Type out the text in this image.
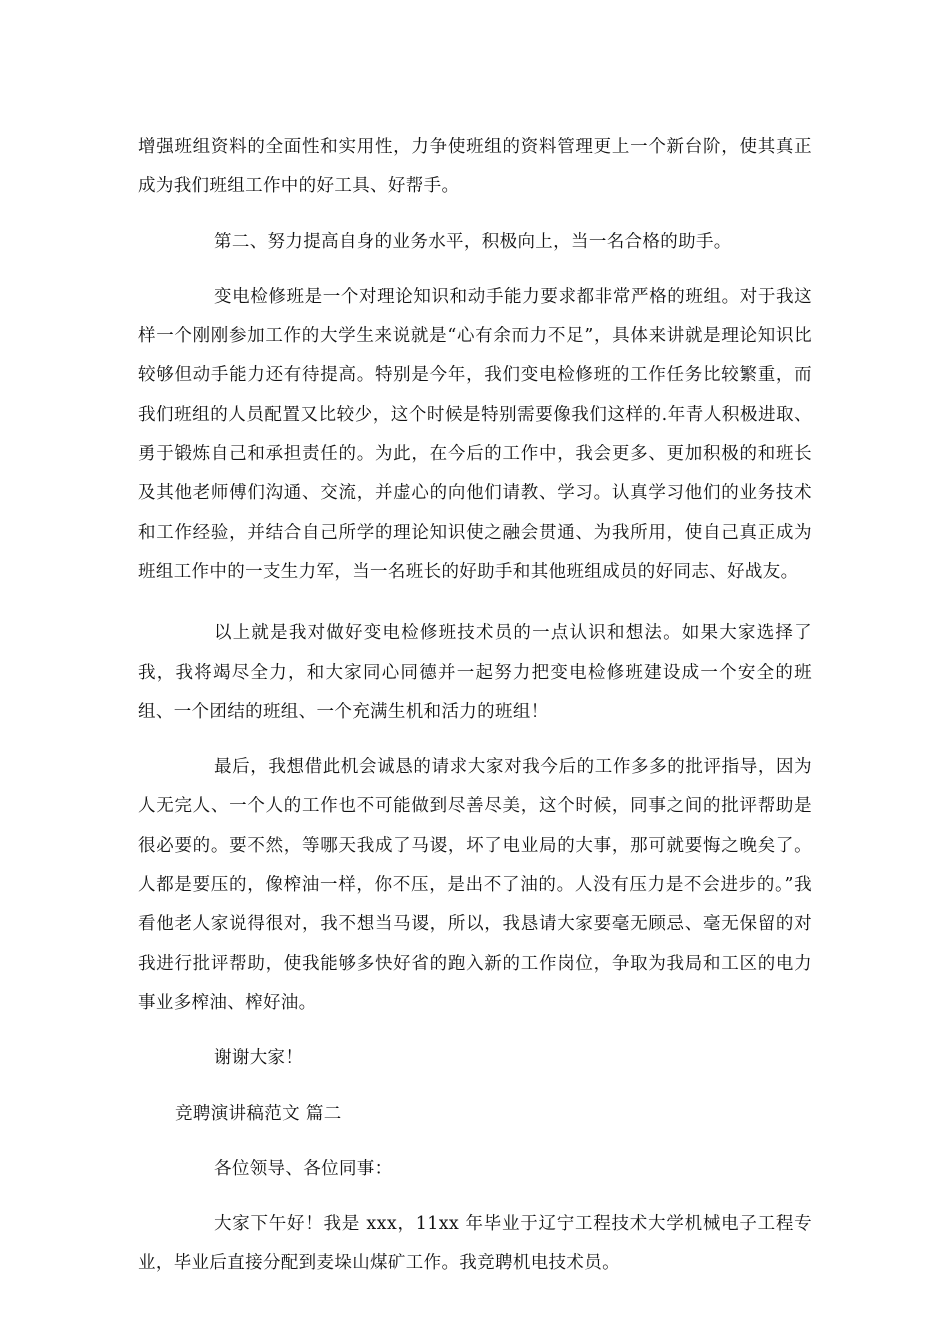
增强班组资料的全面性和实用性，力争使班组的资料管理更上一个新台阶，使其真正成为我们班组工作中的好工具、好帮手。

第二、努力提高自身的业务水平，积极向上，当一名合格的助手。

变电检修班是一个对理论知识和动手能力要求都非常严格的班组。对于我这样一个刚刚参加工作的大学生来说就是“心有余而力不足”，具体来讲就是理论知识比较够但动手能力还有待提高。特别是今年，我们变电检修班的工作任务比较繁重，而我们班组的人员配置又比较少，这个时候是特别需要像我们这样的.年青人积极进取、勇于锻炼自己和承担责任的。为此，在今后的工作中，我会更多、更加积极的和班长及其他老师傅们沟通、交流，并虚心的向他们请教、学习。认真学习他们的业务技术和工作经验，并结合自己所学的理论知识使之融会贯通、为我所用，使自己真正成为班组工作中的一支生力军，当一名班长的好助手和其他班组成员的好同志、好战友。

以上就是我对做好变电检修班技术员的一点认识和想法。如果大家选择了我，我将竭尽全力，和大家同心同德并一起努力把变电检修班建设成一个安全的班组、一个团结的班组、一个充满生机和活力的班组！

最后，我想借此机会诚恳的请求大家对我今后的工作多多的批评指导，因为人无完人、一个人的工作也不可能做到尽善尽美，这个时候，同事之间的批评帮助是很必要的。要不然，等哪天我成了马谡，坏了电业局的大事，那可就要悔之晚矣了。人都是要压的，像榨油一样，你不压，是出不了油的。人没有压力是不会进步的。”我看他老人家说得很对，我不想当马谡，所以，我恳请大家要毫无顾忌、毫无保留的对我进行批评帮助，使我能够多快好省的跑入新的工作岗位，争取为我局和工区的电力事业多榨油、榨好油。

谢谢大家！

竞聘演讲稿范文 篇二

各位领导、各位同事：

大家下午好！我是 xxx，11xx 年毕业于辽宁工程技术大学机械电子工程专业，毕业后直接分配到麦垛山煤矿工作。我竞聘机电技术员。
